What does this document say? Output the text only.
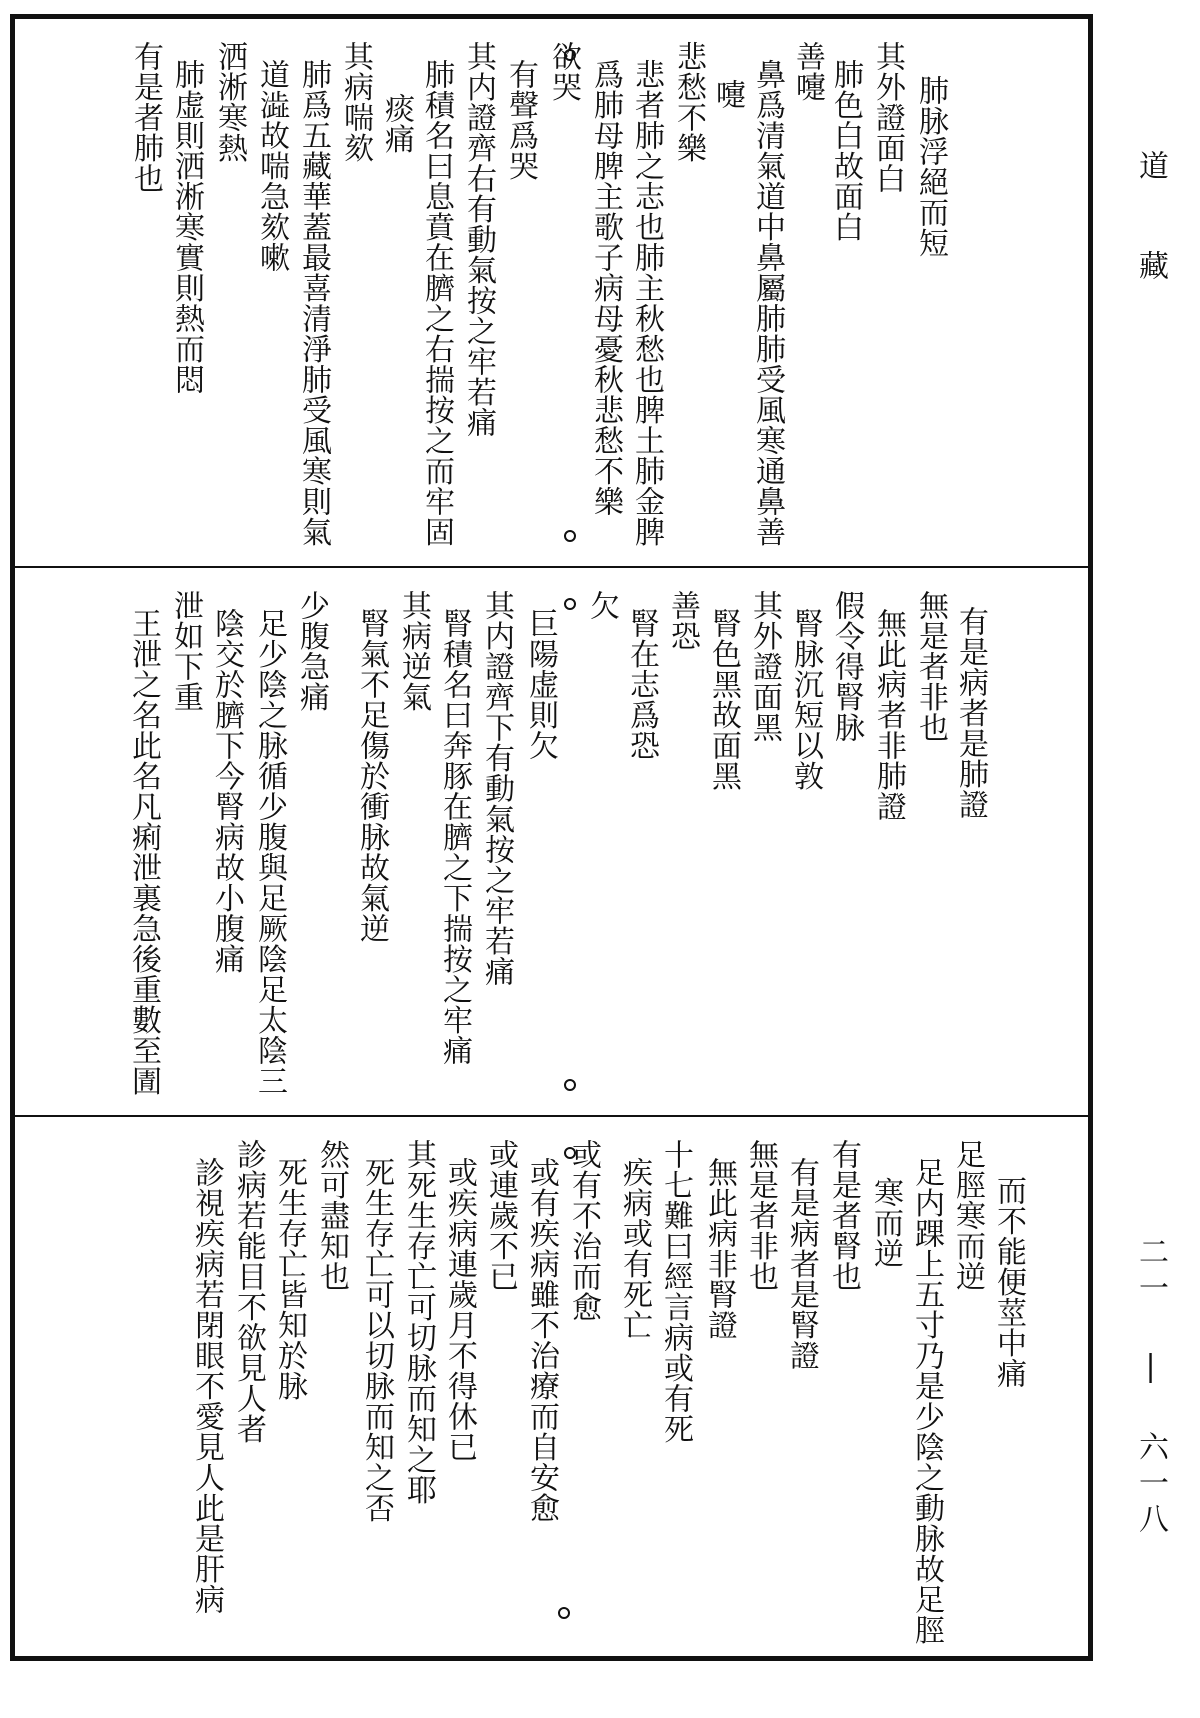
肺脉浮絕而短
其外證面白
肺色白故面白
善嚏
鼻爲清氣道中鼻屬肺肺受風寒通鼻善
嚏
悲愁不樂
悲者肺之志也肺主秋愁也脾土肺金脾
爲肺母脾主歌子病母憂秋悲愁不樂
欲哭
有聲爲哭
其内證齊右有動氣按之牢若痛
肺積名曰息賁在臍之右揣按之而牢固
痰痛
其病喘欬
肺爲五藏華蓋最喜清淨肺受風寒則氣
道澁故喘急欬嗽
洒淅寒熱
肺虚則洒淅寒實則熱而悶
有是者肺也
有是病者是肺證
無是者非也
無此病者非肺證
假令得腎脉
腎脉沉短以敦
其外證面黑
腎色黑故面黑
善恐
腎在志爲恐
欠
巨陽虚則欠
其内證齊下有動氣按之牢若痛
腎積名曰奔豚在臍之下揣按之牢痛
其病逆氣
腎氣不足傷於衝脉故氣逆
少腹急痛
足少陰之脉循少腹與足厥陰足太陰三
陰交於臍下今腎病故小腹痛
泄如下重
王泄之名此名凡痢泄裏急後重數至圊
而不能便莖中痛
足脛寒而逆
足内踝上五寸乃是少陰之動脉故足脛
寒而逆
有是者腎也
有是病者是腎證
無是者非也
無此病非腎證
十七難曰經言病或有死
疾病或有死亡
或有不治而愈
或有疾病雖不治療而自安愈
或連歲不已
或疾病連歲月不得休已
其死生存亡可切脉而知之耶
死生存亡可以切脉而知之否
然可盡知也
死生存亡皆知於脉
診病若能目不欲見人者
診視疾病若閉眼不愛見人此是肝病
道藏
二一 | 六一八
